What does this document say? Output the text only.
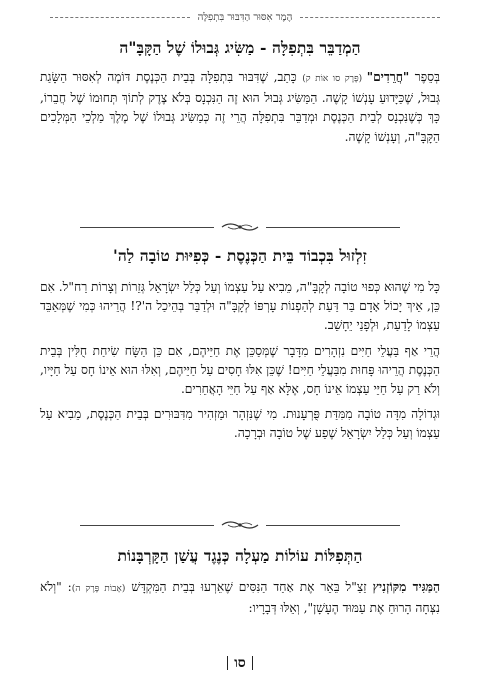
הֶמֶר אִסּוּר הַדִּבּוּר בִּתְפִלָּה
הַמְדַבֵּר בִּתְפִלָּה - מַשִּׂיג גְּבוּלוֹ שֶׁל הַקָּבָּ"ה

בְּסֵפֶר "חֲרֵדִים" (פֶּרֶק סו אוֹת ק) כָּתַב, שֶׁדִּבּוּר בִּתְפִלָּה בְּבֵית הַכְּנֶסֶת דּוֹמֶה לְאִסּוּר הַשָּׂגַת גְּבוּל, שֶׁכַּיָּדוּעַ עָנְשׁוֹ קָשֶׁה. הַמַּשִּׂיג גְּבוּל הוּא זֶה הַנִּכְנָס בְּלֹא צֶדֶק לְתוֹךְ תְּחוּמוֹ שֶׁל חֲבֵרוֹ, כָּךְ כְּשֶׁנִּכְנָס לְבֵית הַכְּנֶסֶת וּמְדַבֵּר בִּתְפִלָּה הֲרֵי זֶה כְּמַשִּׂיג גְּבוּלוֹ שֶׁל מֶלֶךְ מַלְכֵי הַמְּלָכִים הַקָּבָּ"ה, וְעָנְשׁוֹ קָשֶׁה.

זִלְזוּל בִּכְבוֹד בֵּית הַכְּנֶסֶת - כְּפִיּוּת טוֹבָה לַה'

כָּל מִי שֶׁהוּא כְּפוּי טוֹבָה לְקָבָּ"ה, מֵבִיא עַל עַצְמוֹ וְעַל כְּלַל יִשְׂרָאֵל גְּזֵרוֹת וְצָרוֹת רַח"ל. אִם כֵּן, אֵיךְ יָכוֹל אָדָם בַּר דַּעַת לְהַפְנוֹת עָרְפּוֹ לְקָבָּ"ה וּלְדַבֵּר בְּהֵיכַל ה'?! הֲרֵיהוּ כְּמִי שֶׁמְּאַבֵּד עַצְמוֹ לָדַעַת, וּלְפָנַי יֵחָשֵׁב.

הֲרֵי אַף בַּעֲלֵי חַיִּים נִזְהָרִים מִדָּבָר שֶׁמְּסַכֵּן אֶת חַיֵּיהֶם, אִם כֵּן הַשָּׂח שִׂיחַת חֻלִּין בְּבֵית הַכְּנֶסֶת הֲרֵיהוּ פָּחוּת מִבַּעֲלֵי חַיִּים! שֶׁכֵּן אִלּוּ חָסִים עַל חַיֵּיהֶם, וְאִלּוּ הוּא אֵינוֹ חָס עַל חַיָּיו, וְלֹא רַק עַל חַיֵּי עַצְמוֹ אֵינוֹ חָס, אֶלָּא אַף עַל חַיֵּי הָאֲחֵרִים.

וּגְדוֹלָה מִדָּה טוֹבָה מִמִּדַּת פֻּרְעָנוּת. מִי שֶׁנִּזְהָר וּמַזְהִיר מִדִּבּוּרִים בְּבֵית הַכְּנֶסֶת, מֵבִיא עַל עַצְמוֹ וְעַל כְּלַל יִשְׂרָאֵל שֶׁפַע שֶׁל טוֹבָה וּבְרָכָה.

הַתְּפִלּוֹת עוֹלוֹת מַעְלָה כְּנֶגֶד עֲשַׁן הַקָּרְבָּנוֹת

הַמַּגִּיד מִקּוֹזְנִיץ זַצַ"ל בֵּאֵר אֶת אַחַד הַנִּסִּים שֶׁאֵרְעוּ בְּבֵית הַמִּקְדָּשׁ (אָבוֹת פֶּרֶק ה): "וְלֹא נִצְּחָה הָרוּחַ אֶת עַמּוּד הֶעָשָׁן", וְאֵלּוּ דְּבָרָיו:

סו
